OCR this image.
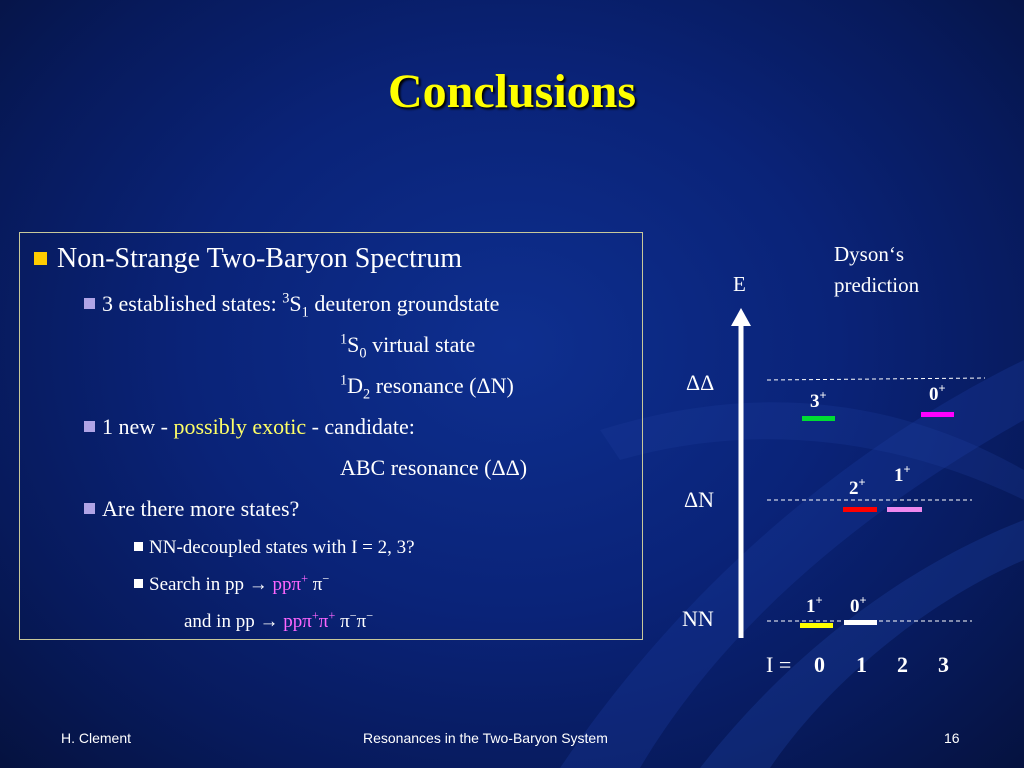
Conclusions
Non-Strange Two-Baryon Spectrum
3 established states: $^3S_1$ deuteron groundstate
$^1S_0$ virtual state
$^1D_2$ resonance (ΔN)
1 new - possibly exotic - candidate:
ABC resonance (ΔΔ)
Are there more states?
NN-decoupled states with I = 2, 3?
Search in pp → ppπ+ π−
and in pp → ppπ+π+ π−π−
Dyson‘s
prediction
E
ΔΔ
ΔN
NN
3+	0+
2+ 1+
1+ 0+
I = 0 1 2 3
H. Clement	Resonances in the Two-Baryon System	16
